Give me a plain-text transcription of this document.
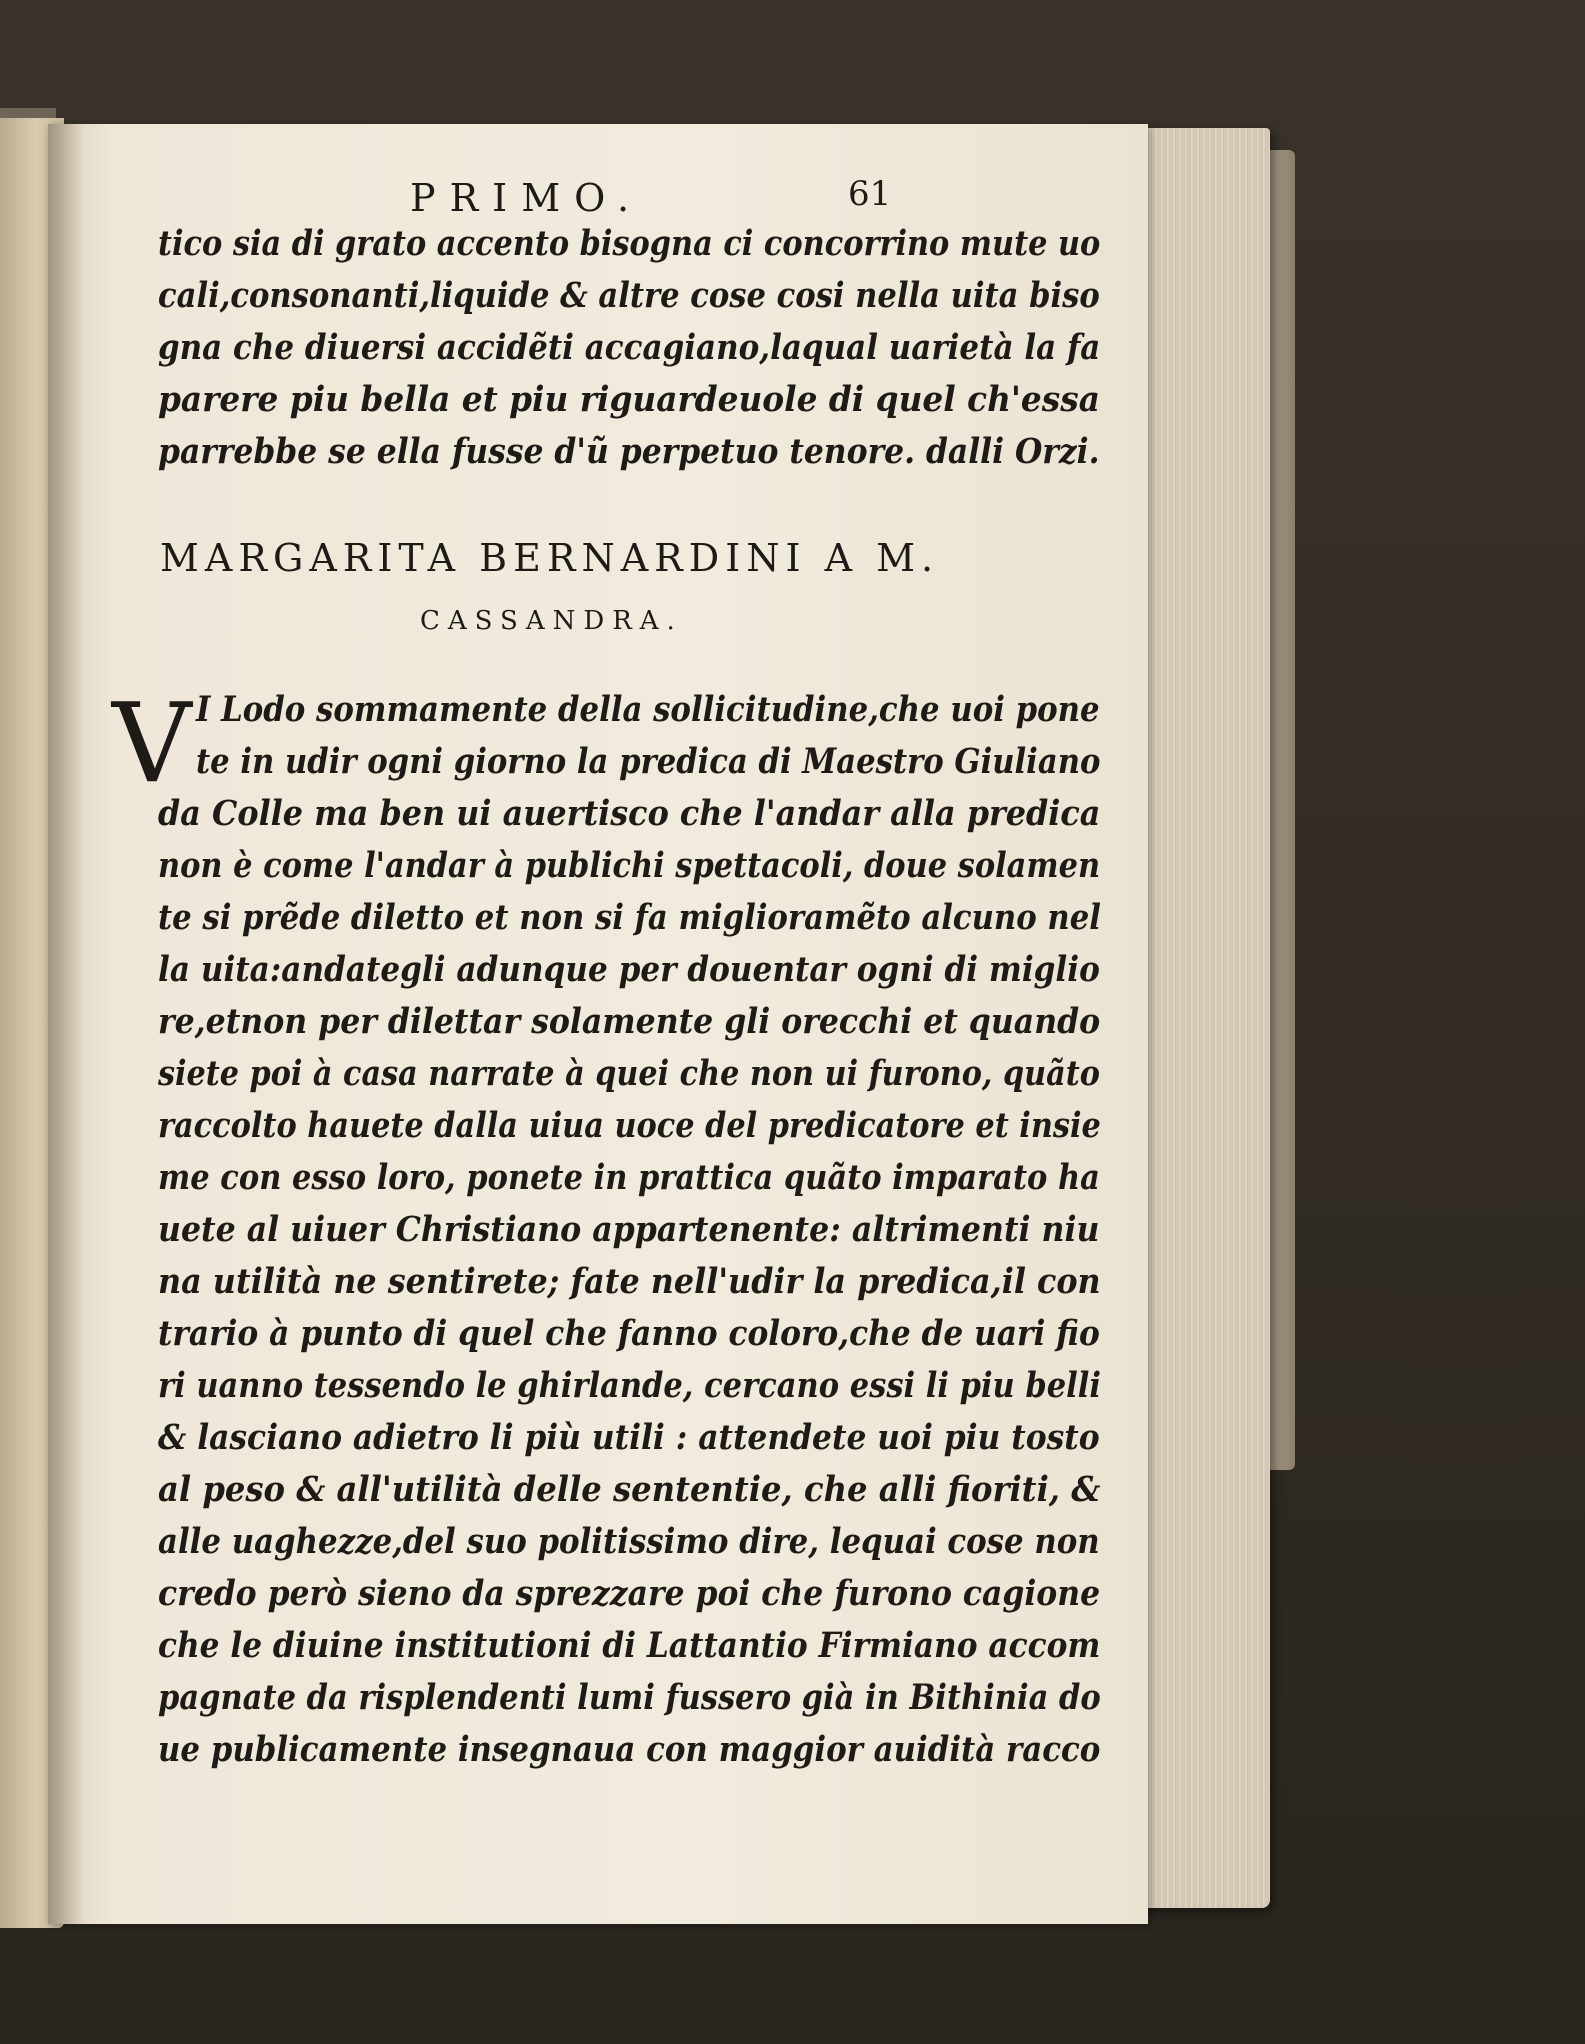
PRIMO.	61
tico sia di grato accento bisogna ci concorrino mute uo
cali,consonanti,liquide & altre cose cosi nella uita biso
gna che diuersi accidẽti accagiano,laqual uarietà la fa
parere piu bella et piu riguardeuole di quel ch'essa
parrebbe se ella fusse d'ũ perpetuo tenore. dalli Orzi.
MARGARITA BERNARDINI A M.
CASSANDRA.
V I Lodo sommamente della sollicitudine,che uoi pone
te in udir ogni giorno la predica di Maestro Giuliano
da Colle ma ben ui auertisco che l'andar alla predica
non è come l'andar à publichi spettacoli, doue solamen
te si prẽde diletto et non si fa miglioramẽto alcuno nel
la uita:andategli adunque per douentar ogni di miglio
re,etnon per dilettar solamente gli orecchi et quando
siete poi à casa narrate à quei che non ui furono, quãto
raccolto hauete dalla uiua uoce del predicatore et insie
me con esso loro, ponete in prattica quãto imparato ha
uete al uiuer Christiano appartenente: altrimenti niu
na utilità ne sentirete; fate nell'udir la predica,il con
trario à punto di quel che fanno coloro,che de uari fio
ri uanno tessendo le ghirlande, cercano essi li piu belli
& lasciano adietro li più utili : attendete uoi piu tosto
al peso & all'utilità delle sententie, che alli fioriti, &
alle uaghezze,del suo politissimo dire, lequai cose non
credo però sieno da sprezzare poi che furono cagione
che le diuine institutioni di Lattantio Firmiano accom
pagnate da risplendenti lumi fussero già in Bithinia do
ue publicamente insegnaua con maggior auidità racco
